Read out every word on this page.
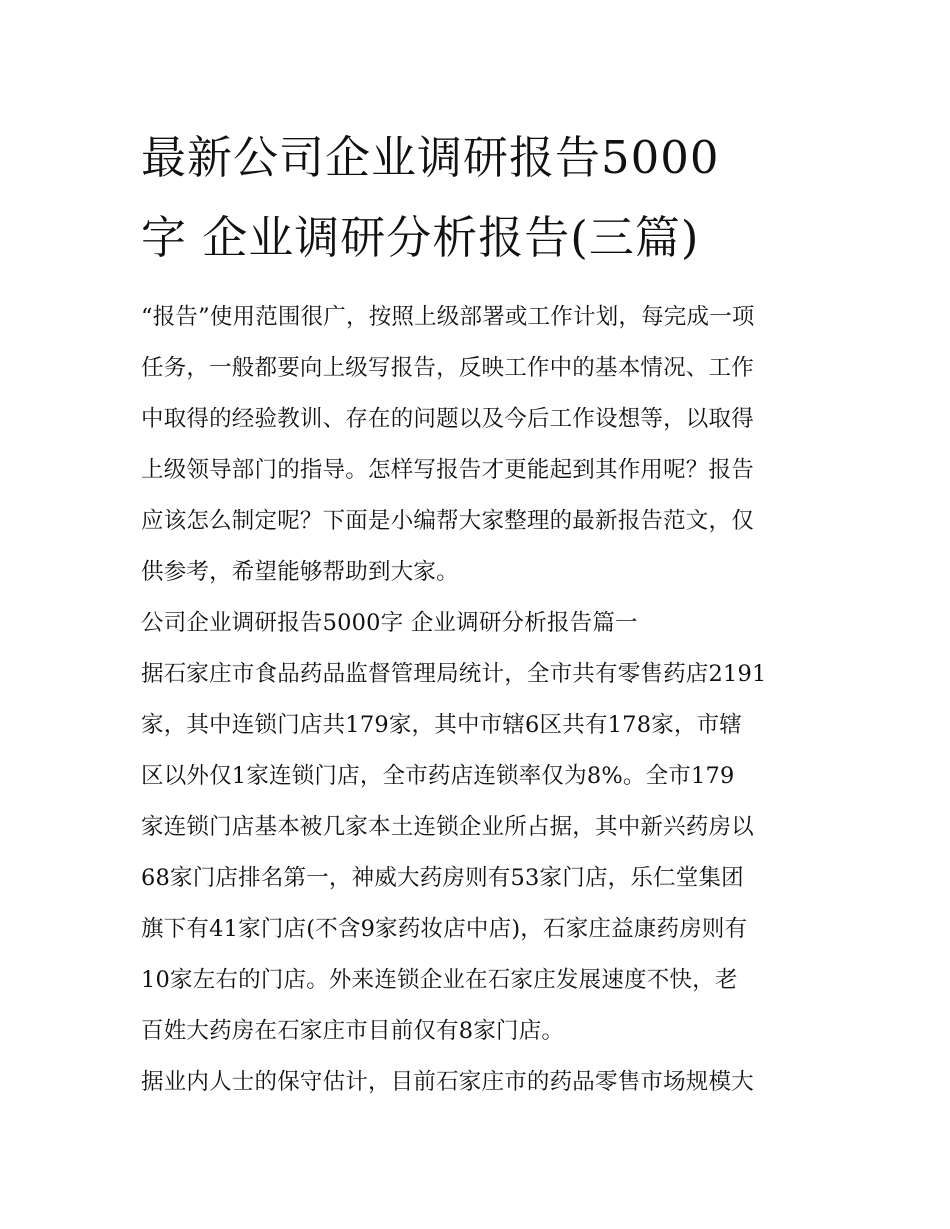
最新公司企业调研报告5000
字 企业调研分析报告(三篇)
“报告”使用范围很广，按照上级部署或工作计划，每完成一项
任务，一般都要向上级写报告，反映工作中的基本情况、工作
中取得的经验教训、存在的问题以及今后工作设想等，以取得
上级领导部门的指导。怎样写报告才更能起到其作用呢？报告
应该怎么制定呢？下面是小编帮大家整理的最新报告范文，仅
供参考，希望能够帮助到大家。
公司企业调研报告5000字 企业调研分析报告篇一
据石家庄市食品药品监督管理局统计，全市共有零售药店2191
家，其中连锁门店共179家，其中市辖6区共有178家，市辖
区以外仅1家连锁门店，全市药店连锁率仅为8%。全市179
家连锁门店基本被几家本土连锁企业所占据，其中新兴药房以
68家门店排名第一，神威大药房则有53家门店，乐仁堂集团
旗下有41家门店(不含9家药妆店中店)，石家庄益康药房则有
10家左右的门店。外来连锁企业在石家庄发展速度不快，老
百姓大药房在石家庄市目前仅有8家门店。
据业内人士的保守估计，目前石家庄市的药品零售市场规模大
